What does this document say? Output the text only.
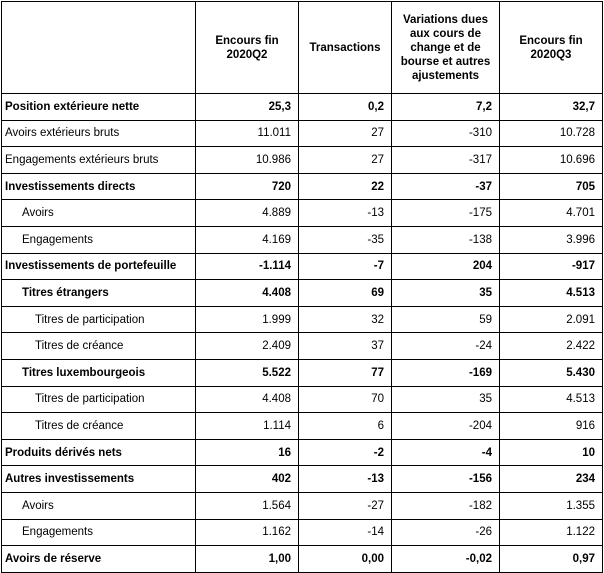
	Encours fin 2020Q2	Transactions	Variations dues aux cours de change et de bourse et autres ajustements	Encours fin 2020Q3
Position extérieure nette	25,3	0,2	7,2	32,7
Avoirs extérieurs bruts	11.011	27	-310	10.728
Engagements extérieurs bruts	10.986	27	-317	10.696
Investissements directs	720	22	-37	705
Avoirs	4.889	-13	-175	4.701
Engagements	4.169	-35	-138	3.996
Investissements de portefeuille	-1.114	-7	204	-917
Titres étrangers	4.408	69	35	4.513
Titres de participation	1.999	32	59	2.091
Titres de créance	2.409	37	-24	2.422
Titres luxembourgeois	5.522	77	-169	5.430
Titres de participation	4.408	70	35	4.513
Titres de créance	1.114	6	-204	916
Produits dérivés nets	16	-2	-4	10
Autres investissements	402	-13	-156	234
Avoirs	1.564	-27	-182	1.355
Engagements	1.162	-14	-26	1.122
Avoirs de réserve	1,00	0,00	-0,02	0,97
